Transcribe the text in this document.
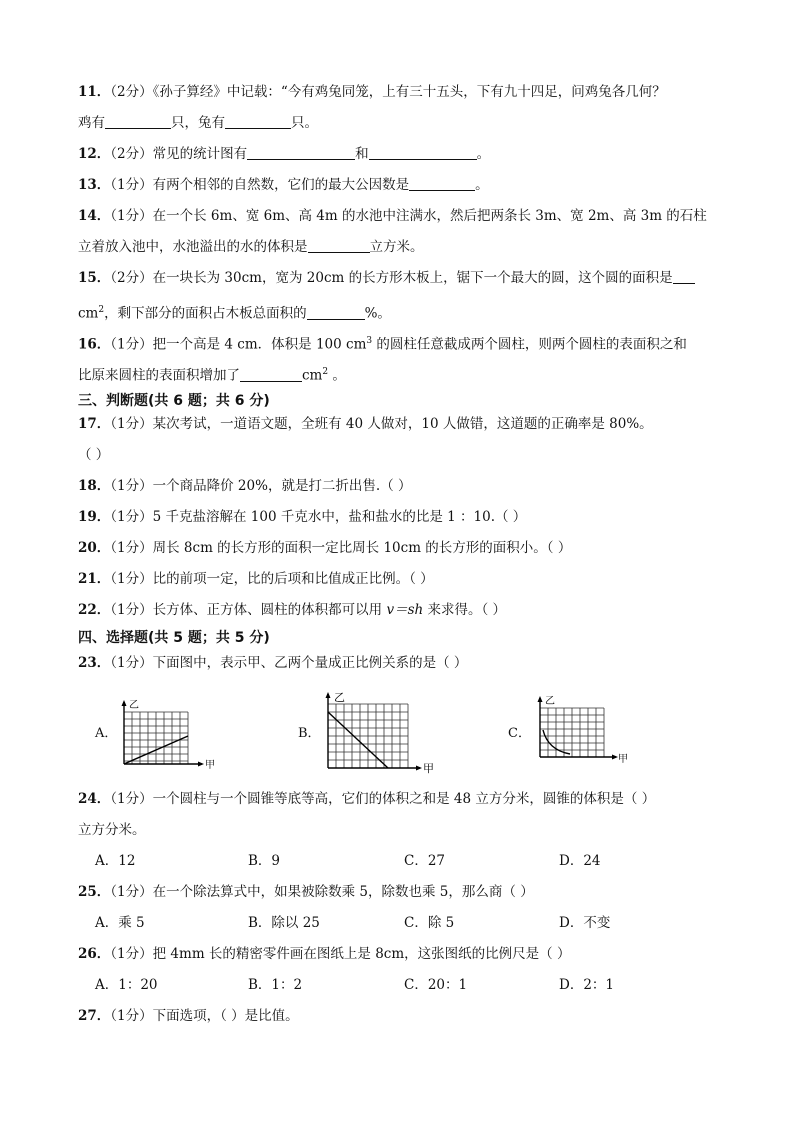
11．（2分）《孙子算经》中记载：“今有鸡兔同笼，上有三十五头，下有九十四足，问鸡兔各几何？
鸡有	只，兔有	只。
12．（2分）常见的统计图有	和	。
13．（1分）有两个相邻的自然数，它们的最大公因数是	。
14．（1分）在一个长 6m、宽 6m、高 4m 的水池中注满水，然后把两条长 3m、宽 2m、高 3m 的石柱
立着放入池中，水池溢出的水的体积是	立方米。
15．（2分）在一块长为 30cm，宽为 20cm 的长方形木板上，锯下一个最大的圆，这个圆的面积是
$cm^2$，剩下部分的面积占木板总面积的	%。
16．（1分）把一个高是 4 cm．体积是 100 $cm^3$ 的圆柱任意截成两个圆柱，则两个圆柱的表面积之和
比原来圆柱的表面积增加了	$cm^2$ 。
三、判断题(共 6 题；共 6 分)
17．（1分）某次考试，一道语文题，全班有 40 人做对，10 人做错，这道题的正确率是 80%。
（ ）
18．（1分）一个商品降价 20%，就是打二折出售.（ ）
19．（1分）5 千克盐溶解在 100 千克水中，盐和盐水的比是 1 ：10.（ ）
20．（1分）周长 8cm 的长方形的面积一定比周长 10cm 的长方形的面积小。（ ）
21．（1分）比的前项一定，比的后项和比值成正比例。（ ）
22．（1分）长方体、正方体、圆柱的体积都可以用 v＝sh 来求得。（ ）
四、选择题(共 5 题；共 5 分)
23．（1分）下面图中，表示甲、乙两个量成正比例关系的是（ ）
A．
乙
甲
B．
乙
甲
C．
乙
甲
24．（1分）一个圆柱与一个圆锥等底等高，它们的体积之和是 48 立方分米，圆锥的体积是（ ）
立方分米。
A．12	B．9	C．27	D．24
25．（1分）在一个除法算式中，如果被除数乘 5，除数也乘 5，那么商（ ）
A．乘 5	B．除以 25	C．除 5	D．不变
26．（1分）把 4mm 长的精密零件画在图纸上是 8cm，这张图纸的比例尺是（ ）
A．1：20	B．1：2	C．20：1	D．2：1
27．（1分）下面选项，（ ）是比值。
